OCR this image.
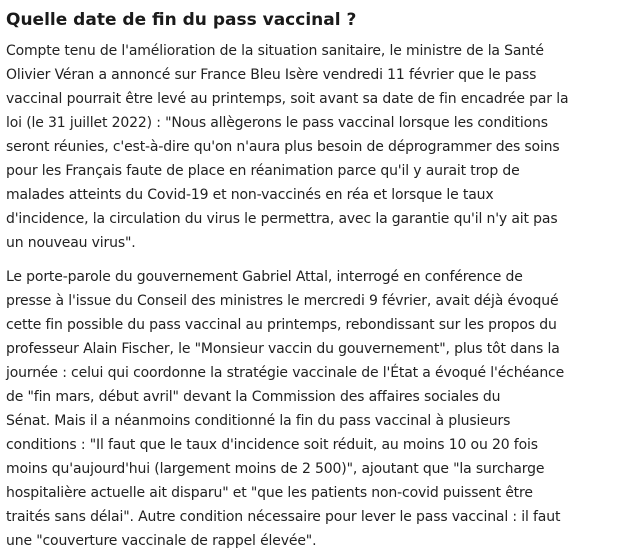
Quelle date de fin du pass vaccinal ?

Compte tenu de l'amélioration de la situation sanitaire, le ministre de la Santé
Olivier Véran a annoncé sur France Bleu Isère vendredi 11 février que le pass
vaccinal pourrait être levé au printemps, soit avant sa date de fin encadrée par la
loi (le 31 juillet 2022) : "Nous allègerons le pass vaccinal lorsque les conditions
seront réunies, c'est-à-dire qu'on n'aura plus besoin de déprogrammer des soins
pour les Français faute de place en réanimation parce qu'il y aurait trop de
malades atteints du Covid-19 et non-vaccinés en réa et lorsque le taux
d'incidence, la circulation du virus le permettra, avec la garantie qu'il n'y ait pas
un nouveau virus".

Le porte-parole du gouvernement Gabriel Attal, interrogé en conférence de
presse à l'issue du Conseil des ministres le mercredi 9 février, avait déjà évoqué
cette fin possible du pass vaccinal au printemps, rebondissant sur les propos du
professeur Alain Fischer, le "Monsieur vaccin du gouvernement", plus tôt dans la
journée : celui qui coordonne la stratégie vaccinale de l'État a évoqué l'échéance
de "fin mars, début avril" devant la Commission des affaires sociales du
Sénat. Mais il a néanmoins conditionné la fin du pass vaccinal à plusieurs
conditions : "Il faut que le taux d'incidence soit réduit, au moins 10 ou 20 fois
moins qu'aujourd'hui (largement moins de 2 500)", ajoutant que "la surcharge
hospitalière actuelle ait disparu" et "que les patients non-covid puissent être
traités sans délai". Autre condition nécessaire pour lever le pass vaccinal : il faut
une "couverture vaccinale de rappel élevée".
